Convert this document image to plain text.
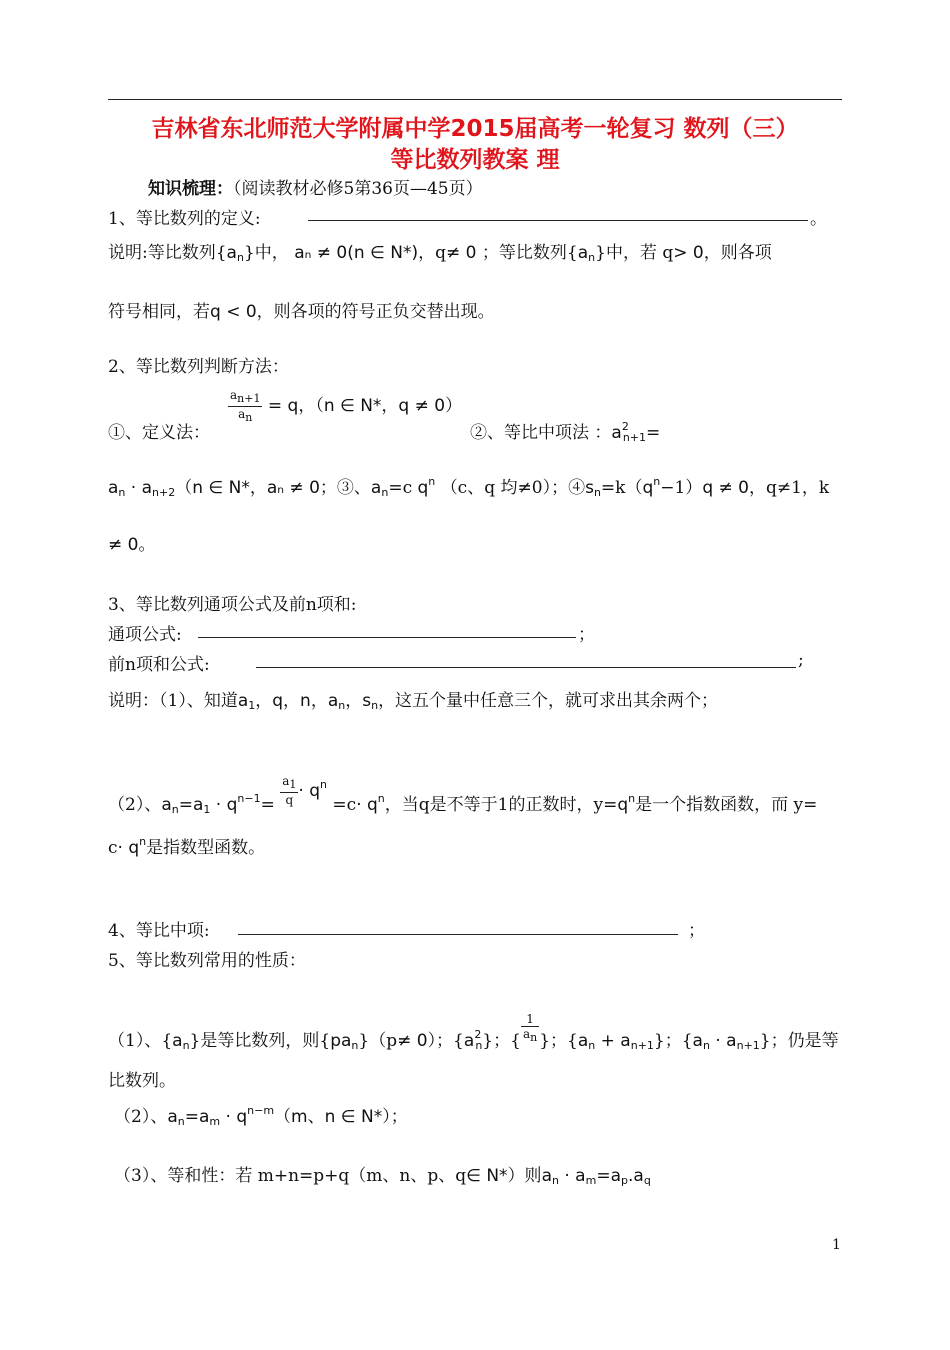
吉林省东北师范大学附属中学2015届高考一轮复习 数列（三）
等比数列教案 理
知识梳理：（阅读教材必修5第36页—45页）
1、等比数列的定义:	。
说明:等比数列$\{a_n\}$中， aₙ ≠ 0(n ∈ N*)，q≠ 0 ；等比数列$\{a_n\}$中，若 q> 0，则各项
符号相同，若q < 0，则各项的符号正负交替出现。
2、等比数列判断方法：
$\frac{a_{n+1}}{a_n} = q$，（n ∈ N*，q ≠ 0）
①、定义法：	②、等比中项法 ：$a^2_{n+1}=$
$a_n \cdot a_{n+2}(n$ ∈ N*，aₙ ≠ 0；③、$a_n=c$ $q^n$ （c、q 均≠0）；$④s_n=k(q^n-1)q \ne 0$，q≠1，k
≠ 0。
3、等比数列通项公式及前n项和:
通项公式:	；
前n项和公式:	;
说明：（1）、知道$a_1$，q，n，$a_n$，$s_n$，这五个量中任意三个，就可求出其余两个；
（2）、$a_n=a_1 \cdot q^{n-1}= \frac{a_1}{q} \cdot q^n =c\cdot q^n$，当q是不等于1的正数时，$y=q^n$是一个指数函数，而 y=
$c\cdot q^n$是指数型函数。
4、等比中项:	；
5、等比数列常用的性质：
（1）、$\{a_n\}$是等比数列，则$\{pa_n\}(p\ne 0)$；$\{a^2_n\}$；{ $\frac{1}{a_n}$ }；$\{a_n + a_{n+1}\}$；$\{a_n \cdot a_{n+1}\}$；仍是等
比数列。
（2）、$a_n=a_m \cdot q^{n-m}(m$、n ∈ N*）；
（3）、等和性：若 m+n=p+q（m、n、p、q∈ N*）则$a_n \cdot a_m=a_p.a_q$
1
